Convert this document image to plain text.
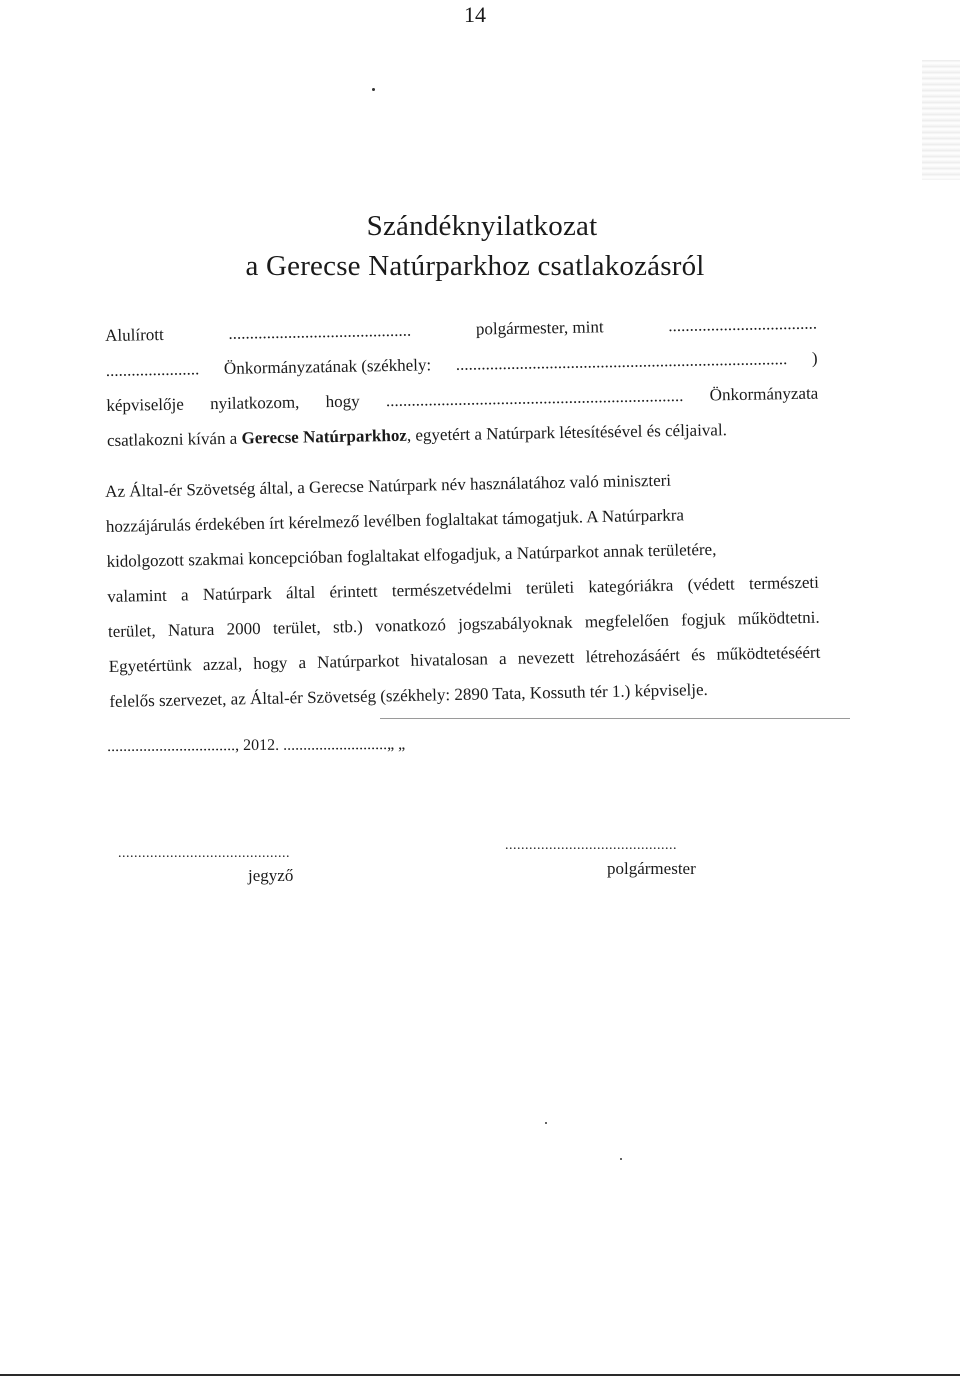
14
Szándéknyilatkozat
a Gerecse Natúrparkhoz csatlakozásról
Alulírott	...........................................	polgármester, mint	...................................
...................... Önkormányzatának (székhely: .............................................................................. )
képviselője nyilatkozom, hogy ...................................................................... Önkormányzata
csatlakozni kíván a Gerecse Natúrparkhoz, egyetért a Natúrpark létesítésével és céljaival.
Az Által-ér Szövetség által, a Gerecse Natúrpark név használatához való miniszteri
hozzájárulás érdekében írt kérelmező levélben foglaltakat támogatjuk. A Natúrparkra
kidolgozott szakmai koncepcióban foglaltakat elfogadjuk, a Natúrparkot annak területére,
valamint a Natúrpark által érintett természetvédelmi területi kategóriákra (védett természeti
terület, Natura 2000 terület, stb.) vonatkozó jogszabályoknak megfelelően fogjuk működtetni.
Egyetértünk azzal, hogy a Natúrparkot hivatalosan a nevezett létrehozásáért és működtetéséért
felelős szervezet, az Által-ér Szövetség (székhely: 2890 Tata, Kossuth tér 1.) képviselje.
................................, 2012. ..........................„ „
...........................................
jegyző
...........................................
polgármester
